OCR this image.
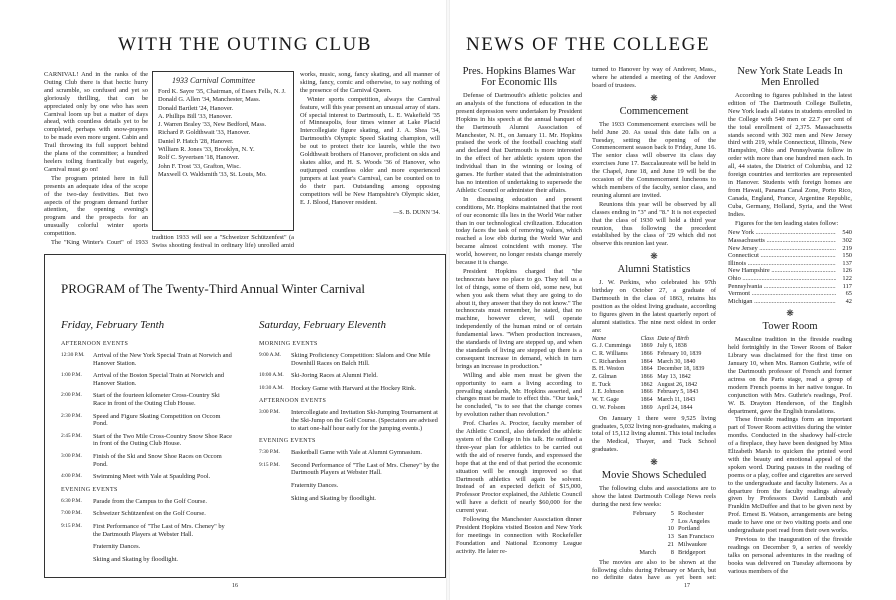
WITH THE OUTING CLUB

CARNIVAL! And in the ranks of the Outing Club there is that hectic hurry and scramble, so confused and yet so gloriously thrilling, that can be appreciated only by one who has seen Carnival loom up but a matter of days ahead, with countless details yet to be completed, perhaps with snow-prayers to be made even more urgent. Cabin and Trail throwing its full support behind the plans of the committee; a hundred heelers toiling frantically but eagerly, Carnival must go on!

The program printed here in full presents an adequate idea of the scope of the two-day festivities. But two aspects of the program demand further attention, the opening evening's program and the prospects for an unusually colorful winter sports competition.

The "King Winter's Court" of 1933

1933 Carnival Committee
Ford K. Sayre '35, Chairman, of Essex Fells, N. J.
Donald G. Allen '34, Manchester, Mass.
Donald Bartlett '24, Hanover.
A. Phillips Bill '33, Hanover.
J. Warren Braley '33, New Bedford, Mass.
Richard P. Goldthwait '33, Hanover.
Daniel P. Hatch '28, Hanover.
William R. Jones '33, Brooklyn, N. Y.
Rolf C. Syvertsen '18, Hanover.
John F. Trost '33, Grafton, Wisc.
Maxwell O. Waldsmith '33, St. Louis, Mo.

tradition 1933 will see a "Schweizer Schützenfest" (a Swiss shooting festival in ordinary life) unrolled amid

works, music, song, fancy skating, and all manner of skiing, fancy, comic and otherwise, to say nothing of the presence of the Carnival Queen.

Winter sports competition, always the Carnival feature, will this year present an unusual array of stars. Of special interest to Dartmouth, L. E. Wakefield '35 of Minneapolis, four times winner at Lake Placid Intercollegiate figure skating, and J. A. Shea '34, Dartmouth's Olympic Speed Skating champion, will be out to protect their ice laurels, while the two Goldthwait brothers of Hanover, proficient on skis and skates alike, and H. S. Woods '36 of Hanover, who outjumped countless older and more experienced jumpers at last year's Carnival, can be counted on to do their part. Outstanding among opposing competitors will be New Hampshire's Olympic skier, E. J. Blood, Hanover resident.

—S. B. DUNN '34.
PROGRAM of The Twenty-Third Annual Winter Carnival
Friday, February Tenth
AFTERNOON EVENTS
12:30 P.M.	Arrival of the New York Special Train at Norwich and Hanover Station.
1:00 P.M.	Arrival of the Boston Special Train at Norwich and Hanover Station.
2:00 P.M.	Start of the fourteen kilometer Cross-Country Ski Race in front of the Outing Club House.
2:30 P.M.	Speed and Figure Skating Competition on Occom Pond.
2:45 P.M.	Start of the Two Mile Cross-Country Snow Shoe Race in front of the Outing Club House.
3:00 P.M.	Finish of the Ski and Snow Shoe Races on Occom Pond.
4:00 P.M.	Swimming Meet with Yale at Spaulding Pool.
EVENING EVENTS
6:30 P.M.	Parade from the Campus to the Golf Course.
7:00 P.M.	Schweizer Schützenfest on the Golf Course.
9:15 P.M.	First Performance of "The Last of Mrs. Cheney" by the Dartmouth Players at Webster Hall.
Fraternity Dances.
Skiing and Skating by floodlight.
Saturday, February Eleventh
MORNING EVENTS
9:00 A.M.	Skiing Proficiency Competition: Slalom and One Mile Downhill Races on Balch Hill.
10:00 A.M.	Ski-Joring Races at Alumni Field.
10:30 A.M.	Hockey Game with Harvard at the Hockey Rink.
AFTERNOON EVENTS
3:00 P.M.	Intercollegiate and Invitation Ski-Jumping Tournament at the Ski-Jump on the Golf Course. (Spectators are advised to start one-half hour early for the jumping events.)
EVENING EVENTS
7:30 P.M.	Basketball Game with Yale at Alumni Gymnasium.
9:15 P.M.	Second Performance of "The Last of Mrs. Cheney" by the Dartmouth Players at Webster Hall.
Fraternity Dances.
Skiing and Skating by floodlight.
16
NEWS OF THE COLLEGE
Pres. Hopkins Blames War For Economic Ills

Defense of Dartmouth's athletic policies and an analysis of the functions of education in the present depression were undertaken by President Hopkins in his speech at the annual banquet of the Dartmouth Alumni Association of Manchester, N. H., on January 11. Mr. Hopkins praised the work of the football coaching staff and declared that Dartmouth is more interested in the effect of her athletic system upon the individual than in the winning or losing of games. He further stated that the administration has no intention of undertaking to supersede the Athletic Council or administer their affairs.

In discussing education and present conditions, Mr. Hopkins maintained that the root of our economic ills lies in the World War rather than in our technological civilization. Education today faces the task of removing values, which reached a low ebb during the World War and became almost coincident with money. The world, however, no longer resists change merely because it is change.

President Hopkins charged that "the technocrats have no place to go. They tell us a lot of things, some of them old, some new, but when you ask them what they are going to do about it, they answer that they do not know." The technocrats must remember, he stated, that no machine, however clever, will operate independently of the human mind or of certain fundamental laws. "When production increases, the standards of living are stepped up, and when the standards of living are stepped up there is a consequent increase in demand, which in turn brings an increase in production."

Willing and able men must be given the opportunity to earn a living according to prevailing standards, Mr. Hopkins asserted, and changes must be made to effect this. "Our task," he concluded, "is to see that the change comes by evolution rather than revolution."

Prof. Charles A. Proctor, faculty member of the Athletic Council, also defended the athletic system of the College in his talk. He outlined a three-year plan for athletics to be carried out with the aid of reserve funds, and expressed the hope that at the end of that period the economic situation will be enough improved so that Dartmouth athletics will again be solvent. Instead of an expected deficit of $15,000, Professor Proctor explained, the Athletic Council will have a deficit of nearly $60,000 for the current year.

Following the Manchester Association dinner President Hopkins visited Boston and New York for meetings in connection with Rockefeller Foundation and National Economy League activity. He later re-

turned to Hanover by way of Andover, Mass., where he attended a meeting of the Andover board of trustees.

❋
Commencement

The 1933 Commencement exercises will be held June 20. As usual this date falls on a Tuesday, setting the opening of the Commencement season back to Friday, June 16. The senior class will observe its class day exercises June 17. Baccalaureate will be held in the Chapel, June 18, and June 19 will be the occasion of the Commencement luncheons to which members of the faculty, senior class, and reuning alumni are invited.

Reunions this year will be observed by all classes ending in "3" and "8." It is not expected that the class of 1930 will hold a third year reunion, thus following the precedent established by the class of '29 which did not observe this reunion last year.

❋
Alumni Statistics

J. W. Perkins, who celebrated his 97th birthday on October 27, a graduate of Dartmouth in the class of 1863, retains his position as the oldest living graduate, according to figures given in the latest quarterly report of alumni statistics. The nine next oldest in order are:

Name	Class	Date of Birth
G. J. Cummings	1869	July 6, 1838
C. R. Williams	1866	February 10, 1839
C. Richardson	1864	March 30, 1840
B. H. Weston	1864	December 18, 1839
Z. Gilman	1866	May 13, 1842
E. Tuck	1862	August 26, 1842
J. E. Johnson	1866	February 5, 1843
W. T. Gage	1864	March 11, 1843
O. W. Folsom	1869	April 24, 1844

On January 1 there were 9,525 living graduates, 5,032 living non-graduates, making a total of 15,112 living alumni. This total includes the Medical, Thayer, and Tuck School graduates.

❋
Movie Shows Scheduled

The following clubs and associations are to show the latest Dartmouth College News reels during the next few weeks:

February	5 Rochester
7 Los Angeles
10 Portland
13 San Francisco
21 Milwaukee
March	8 Bridgeport

The movies are also to be shown at the following clubs during February or March, but no definite dates have as yet been set:

New York State Leads In Men Enrolled

According to figures published in the latest edition of The Dartmouth College Bulletin, New York leads all states in students enrolled in the College with 540 men or 22.7 per cent of the total enrollment of 2,375. Massachusetts stands second with 302 men and New Jersey third with 219, while Connecticut, Illinois, New Hampshire, Ohio and Pennsylvania follow in order with more than one hundred men each. In all, 44 states, the District of Columbia, and 12 foreign countries and territories are represented in Hanover. Students with foreign homes are from Hawaii, Panama Canal Zone, Porto Rico, Canada, England, France, Argentine Republic, Cuba, Germany, Holland, Syria, and the West Indies.

Figures for the ten leading states follow:

New York .....	540
Massachusetts .....	302
New Jersey .....	219
Connecticut .....	150
Illinois .....	137
New Hampshire .....	126
Ohio .....	122
Pennsylvania .....	117
Vermont .....	65
Michigan .....	42
❋
Tower Room

Masculine tradition in the fireside reading held fortnightly in the Tower Room of Baker Library was disclaimed for the first time on January 10, when Mrs. Ramon Guthrie, wife of the Dartmouth professor of French and former actress on the Paris stage, read a group of modern French poems in her native tongue. In conjunction with Mrs. Guthrie's readings, Prof. W. B. Drayton Henderson, of the English department, gave the English translations.

These fireside readings form an important part of Tower Room activities during the winter months. Conducted in the shadowy half-circle of a fireplace, they have been designed by Miss Elizabeth Marsh to quicken the printed word with the beauty and emotional appeal of the spoken word. During pauses in the reading of poems or a play, coffee and cigarettes are served to the undergraduate and faculty listeners. As a departure from the faculty readings already given by Professors David Lambuth and Franklin McDuffee and that to be given next by Prof. Ernest B. Watson, arrangements are being made to have one or two visiting poets and one undergraduate poet read from their own works.

Previous to the inauguration of the fireside readings on December 9, a series of weekly talks on personal adventures in the reading of books was delivered on Tuesday afternoons by various members of the

17
